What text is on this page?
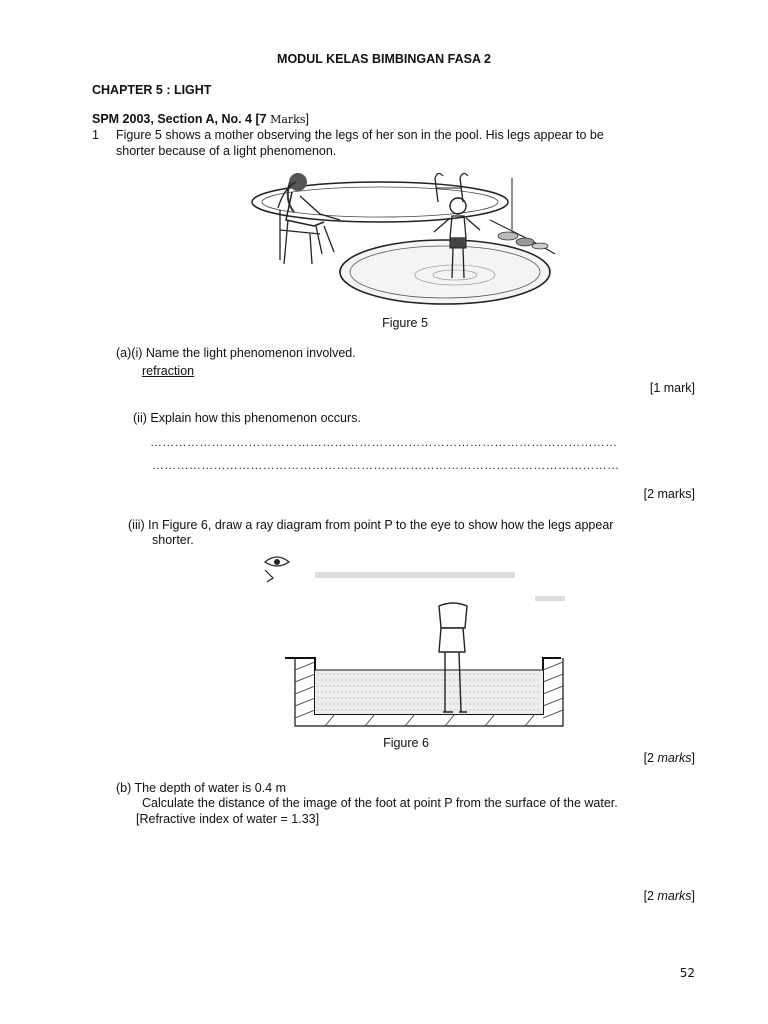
MODUL KELAS BIMBINGAN FASA 2
CHAPTER 5 : LIGHT
SPM 2003, Section A, No. 4 [7 Marks]
1 Figure 5 shows a mother observing the legs of her son in the pool. His legs appear to be
shorter because of a light phenomenon.
Figure 5
(a)(i) Name the light phenomenon involved.
refraction
[1 mark]
(ii) Explain how this phenomenon occurs.
……………………………………………………………………………………………………
……………………………………………………………………………………………………
[2 marks]
(iii) In Figure 6, draw a ray diagram from point P to the eye to show how the legs appear
shorter.
Figure 6
[2 marks]
(b) The depth of water is 0.4 m
Calculate the distance of the image of the foot at point P from the surface of the water.
[Refractive index of water = 1.33]
[2 marks]
52
